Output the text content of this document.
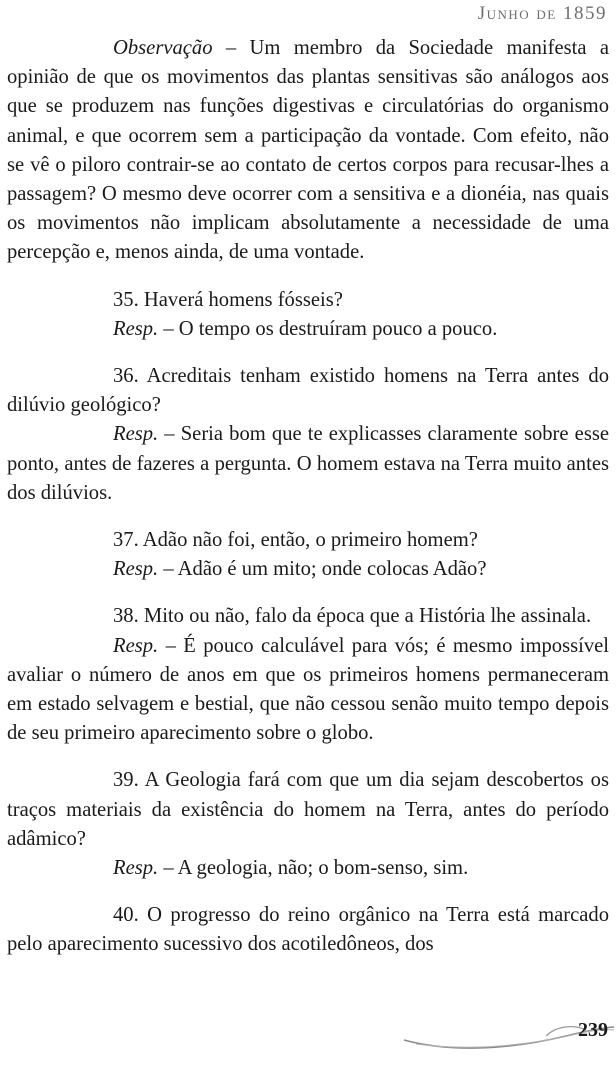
Junho de 1859

Observação – Um membro da Sociedade manifesta a opinião de que os movimentos das plantas sensitivas são análogos aos que se produzem nas funções digestivas e circulatórias do organismo animal, e que ocorrem sem a participação da vontade. Com efeito, não se vê o piloro contrair-se ao contato de certos corpos para recusar-lhes a passagem? O mesmo deve ocorrer com a sensitiva e a dionéia, nas quais os movimentos não implicam absolutamente a necessidade de uma percepção e, menos ainda, de uma vontade.

35. Haverá homens fósseis?

Resp. – O tempo os destruíram pouco a pouco.

36. Acreditais tenham existido homens na Terra antes do dilúvio geológico?

Resp. – Seria bom que te explicasses claramente sobre esse ponto, antes de fazeres a pergunta. O homem estava na Terra muito antes dos dilúvios.

37. Adão não foi, então, o primeiro homem?

Resp. – Adão é um mito; onde colocas Adão?

38. Mito ou não, falo da época que a História lhe assinala.

Resp. – É pouco calculável para vós; é mesmo impossível avaliar o número de anos em que os primeiros homens permaneceram em estado selvagem e bestial, que não cessou senão muito tempo depois de seu primeiro aparecimento sobre o globo.

39. A Geologia fará com que um dia sejam descobertos os traços materiais da existência do homem na Terra, antes do período adâmico?

Resp. – A geologia, não; o bom-senso, sim.

40. O progresso do reino orgânico na Terra está marcado pelo aparecimento sucessivo dos acotiledôneos, dos

239
